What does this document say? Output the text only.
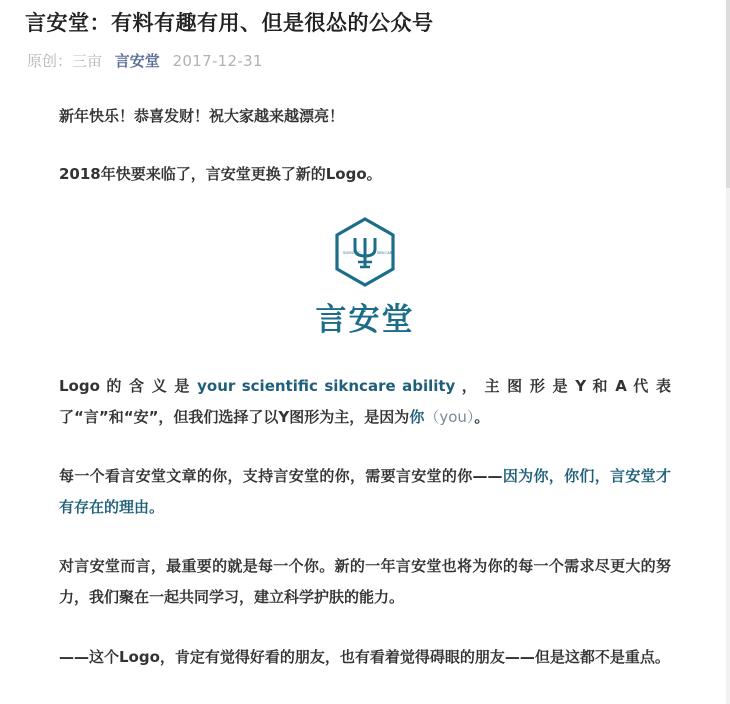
言安堂：有料有趣有用、但是很怂的公众号
原创：三亩 言安堂 2017-12-31

新年快乐！恭喜发财！祝大家越来越漂亮！

2018年快要来临了，言安堂更换了新的Logo。

SCIENTIFIC	SKIN CARE
言安堂

Logo 的 含 义 是 your scientific sikncare ability ， 主 图 形 是 Y 和 A 代 表 了“言”和“安”，但我们选择了以Y图形为主，是因为你（you）。

每一个看言安堂文章的你，支持言安堂的你，需要言安堂的你——因为你，你们，言安堂才有存在的理由。

对言安堂而言，最重要的就是每一个你。新的一年言安堂也将为你的每一个需求尽更大的努力，我们聚在一起共同学习，建立科学护肤的能力。

——这个Logo，肯定有觉得好看的朋友，也有看着觉得碍眼的朋友——但是这都不是重点。
